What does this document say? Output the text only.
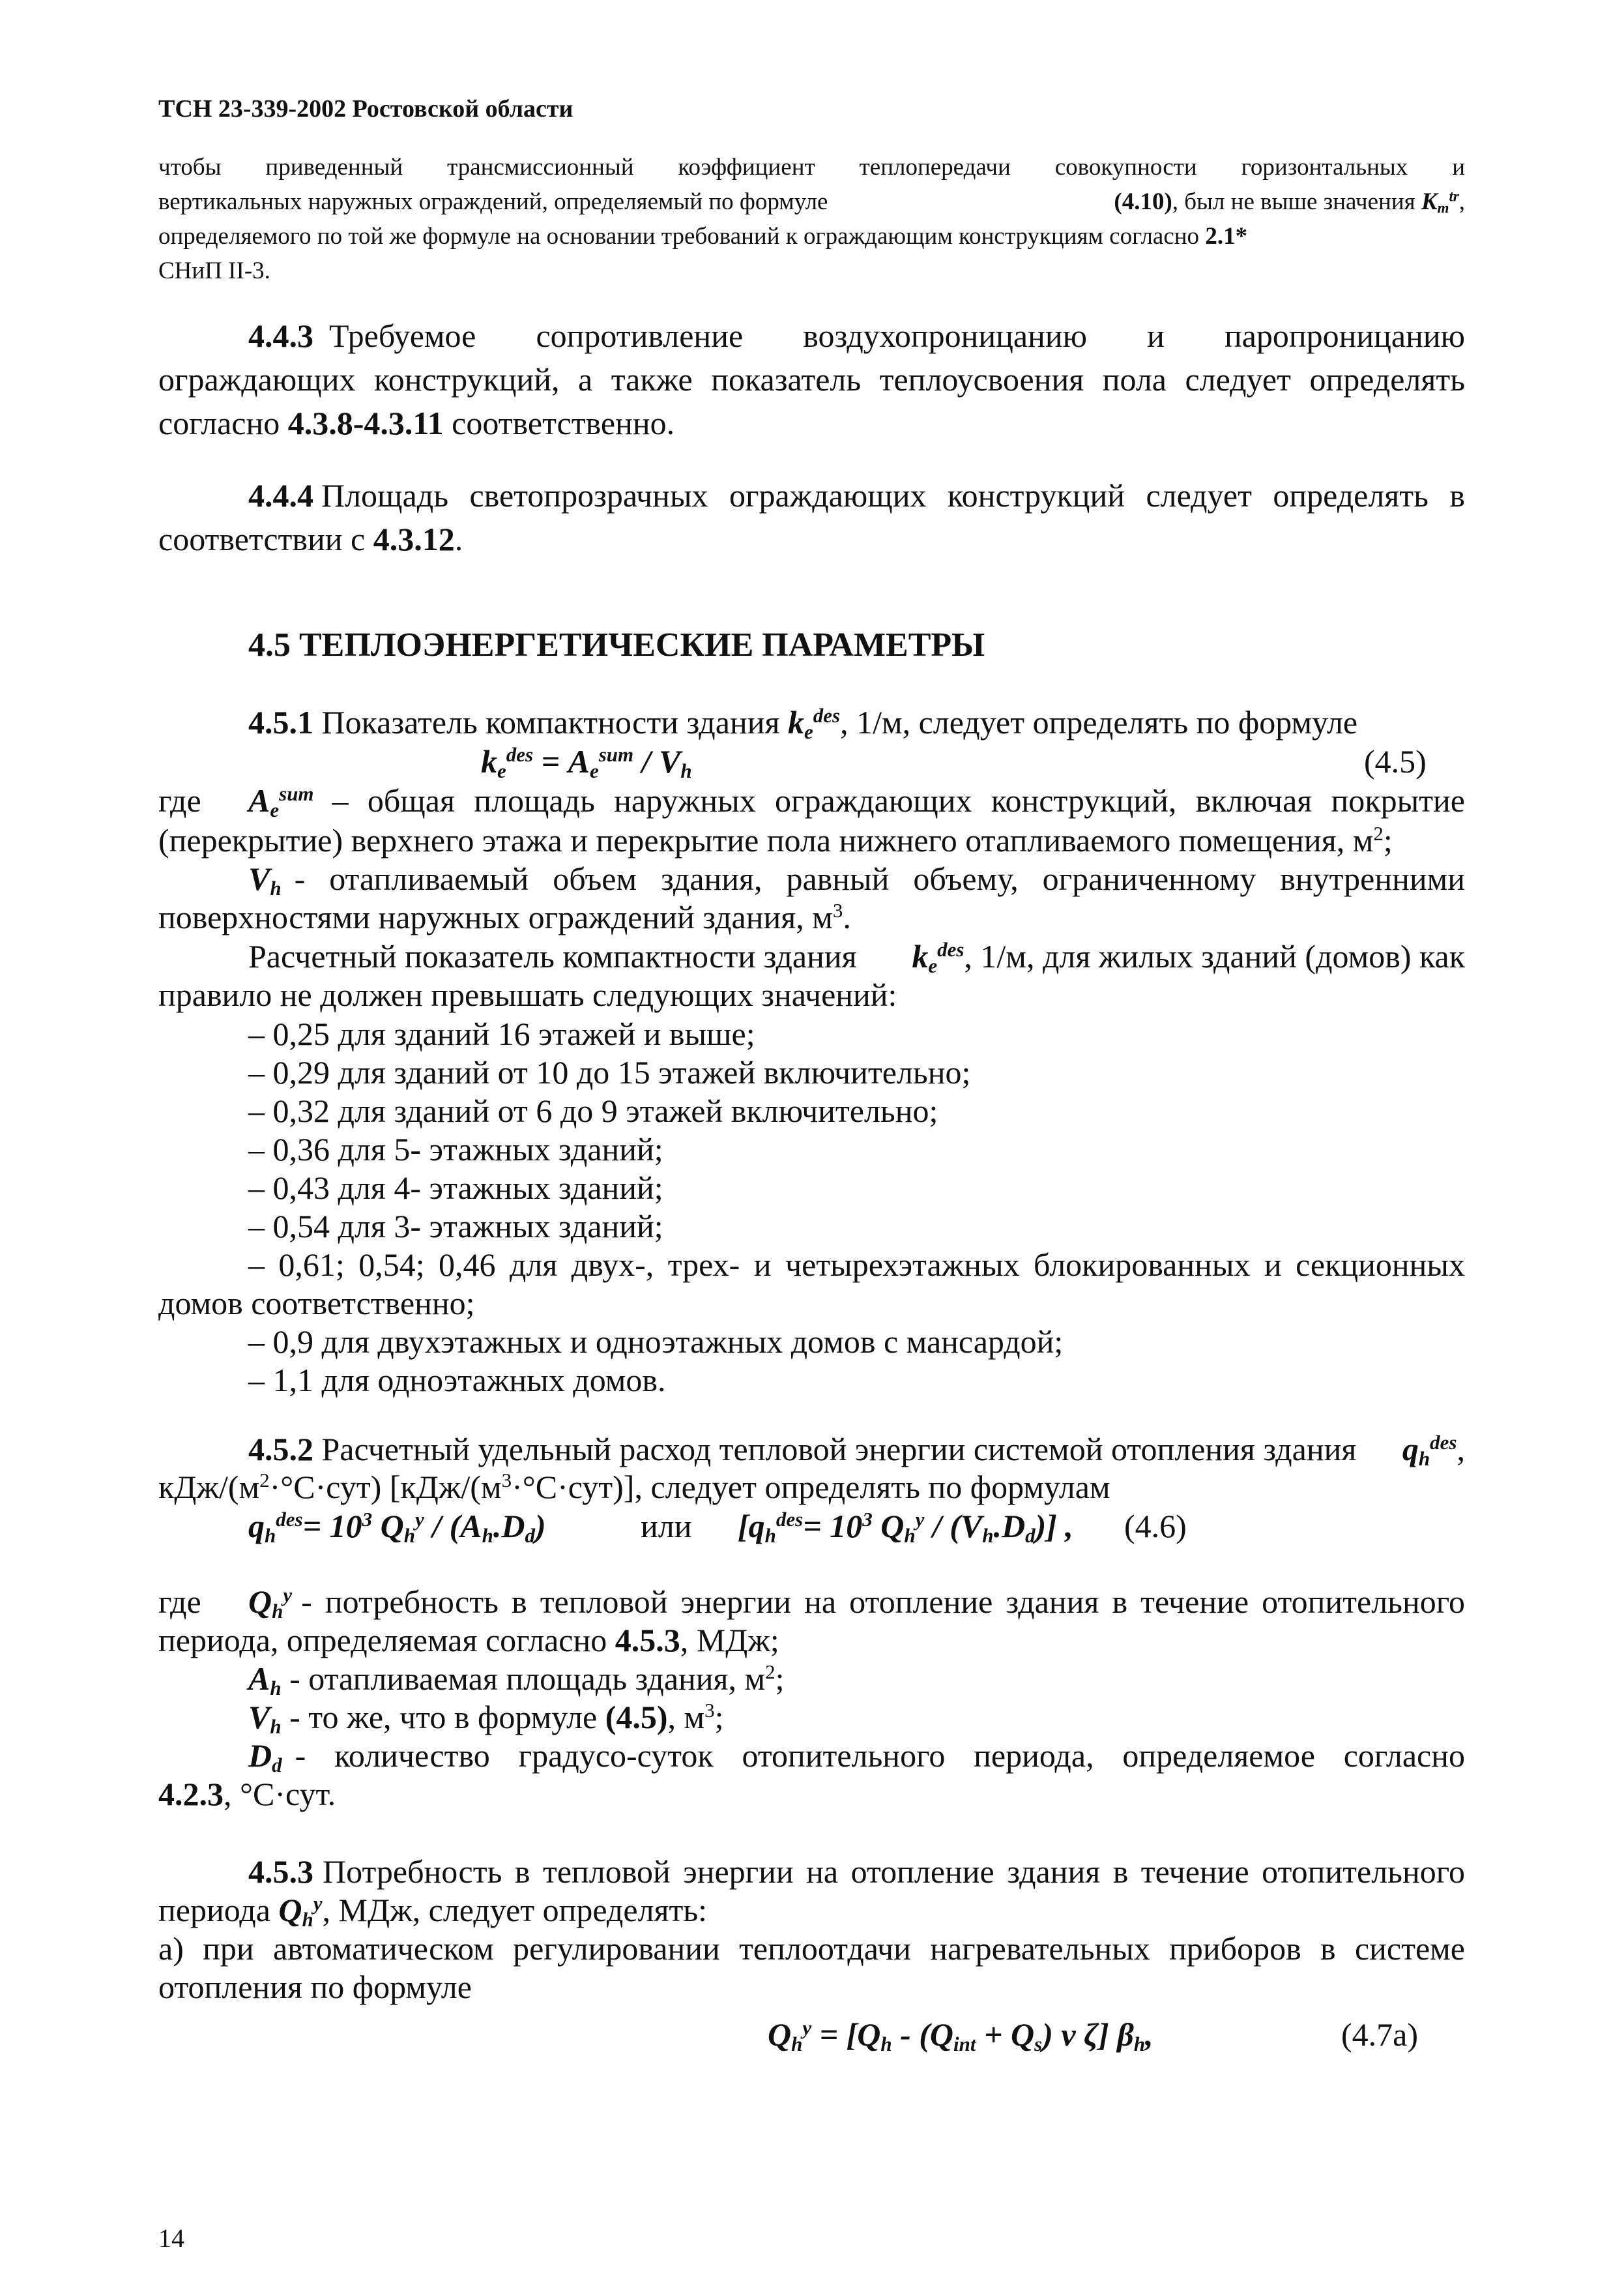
ТСН 23-339-2002 Ростовской области
чтобы приведенный трансмиссионный коэффициент теплопередачи совокупности горизонтальных и
вертикальных наружных ограждений, определяемый по формуле	(4.10), был не выше значения $K_m^{tr}$,
определяемого по той же формуле на основании требований к ограждающим конструкциям согласно 2.1*
СНиП II-3.
4.4.3 Требуемое сопротивление воздухопроницанию и паропроницанию
ограждающих конструкций, а также показатель теплоусвоения пола следует определять
согласно 4.3.8-4.3.11 соответственно.
4.4.4 Площадь светопрозрачных ограждающих конструкций следует определять в
соответствии с 4.3.12.
4.5 ТЕПЛОЭНЕРГЕТИЧЕСКИЕ ПАРАМЕТРЫ
4.5.1 Показатель компактности здания $k_e^{des}$, 1/м, следует определять по формуле
$k_e^{des} = A_e^{sum} / V_h$	(4.5)
где $A_e^{sum}$ – общая площадь наружных ограждающих конструкций, включая покрытие
(перекрытие) верхнего этажа и перекрытие пола нижнего отапливаемого помещения, $м^2$;
$V_h$ - отапливаемый объем здания, равный объему, ограниченному внутренними
поверхностями наружных ограждений здания, $м^3$.
Расчетный показатель компактности здания $k_e^{des}$, 1/м, для жилых зданий (домов) как
правило не должен превышать следующих значений:
– 0,25 для зданий 16 этажей и выше;
– 0,29 для зданий от 10 до 15 этажей включительно;
– 0,32 для зданий от 6 до 9 этажей включительно;
– 0,36 для 5- этажных зданий;
– 0,43 для 4- этажных зданий;
– 0,54 для 3- этажных зданий;
– 0,61; 0,54; 0,46 для двух-, трех- и четырехэтажных блокированных и секционных
домов соответственно;
– 0,9 для двухэтажных и одноэтажных домов с мансардой;
– 1,1 для одноэтажных домов.
4.5.2 Расчетный удельный расход тепловой энергии системой отопления здания $q_h^{des}$,
кДж/$(м^2\cdot^\circ С\cdot сут)$ $[кДж/(м^3\cdot^\circ С\cdot сут)]$, следует определять по формулам
$q_h^{des}= 10^3$ $Q_h^y / (A_h.D_d)$	или [$q_h^{des}= 10^3$ $Q_h^y / (V_h.D_d)$] , (4.6)
где $Q_h^y$ - потребность в тепловой энергии на отопление здания в течение отопительного
периода, определяемая согласно 4.5.3, МДж;
$A_h$ - отапливаемая площадь здания, $м^2$;
$V_h$ - то же, что в формуле (4.5), $м^3$;
$D_d$ - количество градусо-суток отопительного периода, определяемое согласно
4.2.3, °С·сут.
4.5.3 Потребность в тепловой энергии на отопление здания в течение отопительного
периода $Q_h^y$, МДж, следует определять:
а) при автоматическом регулировании теплоотдачи нагревательных приборов в системе
отопления по формуле
$Q_h^y = [Q_h - (Q_{int} + Q_s)$ ν ζ] $\beta_h$,	(4.7а)
14
